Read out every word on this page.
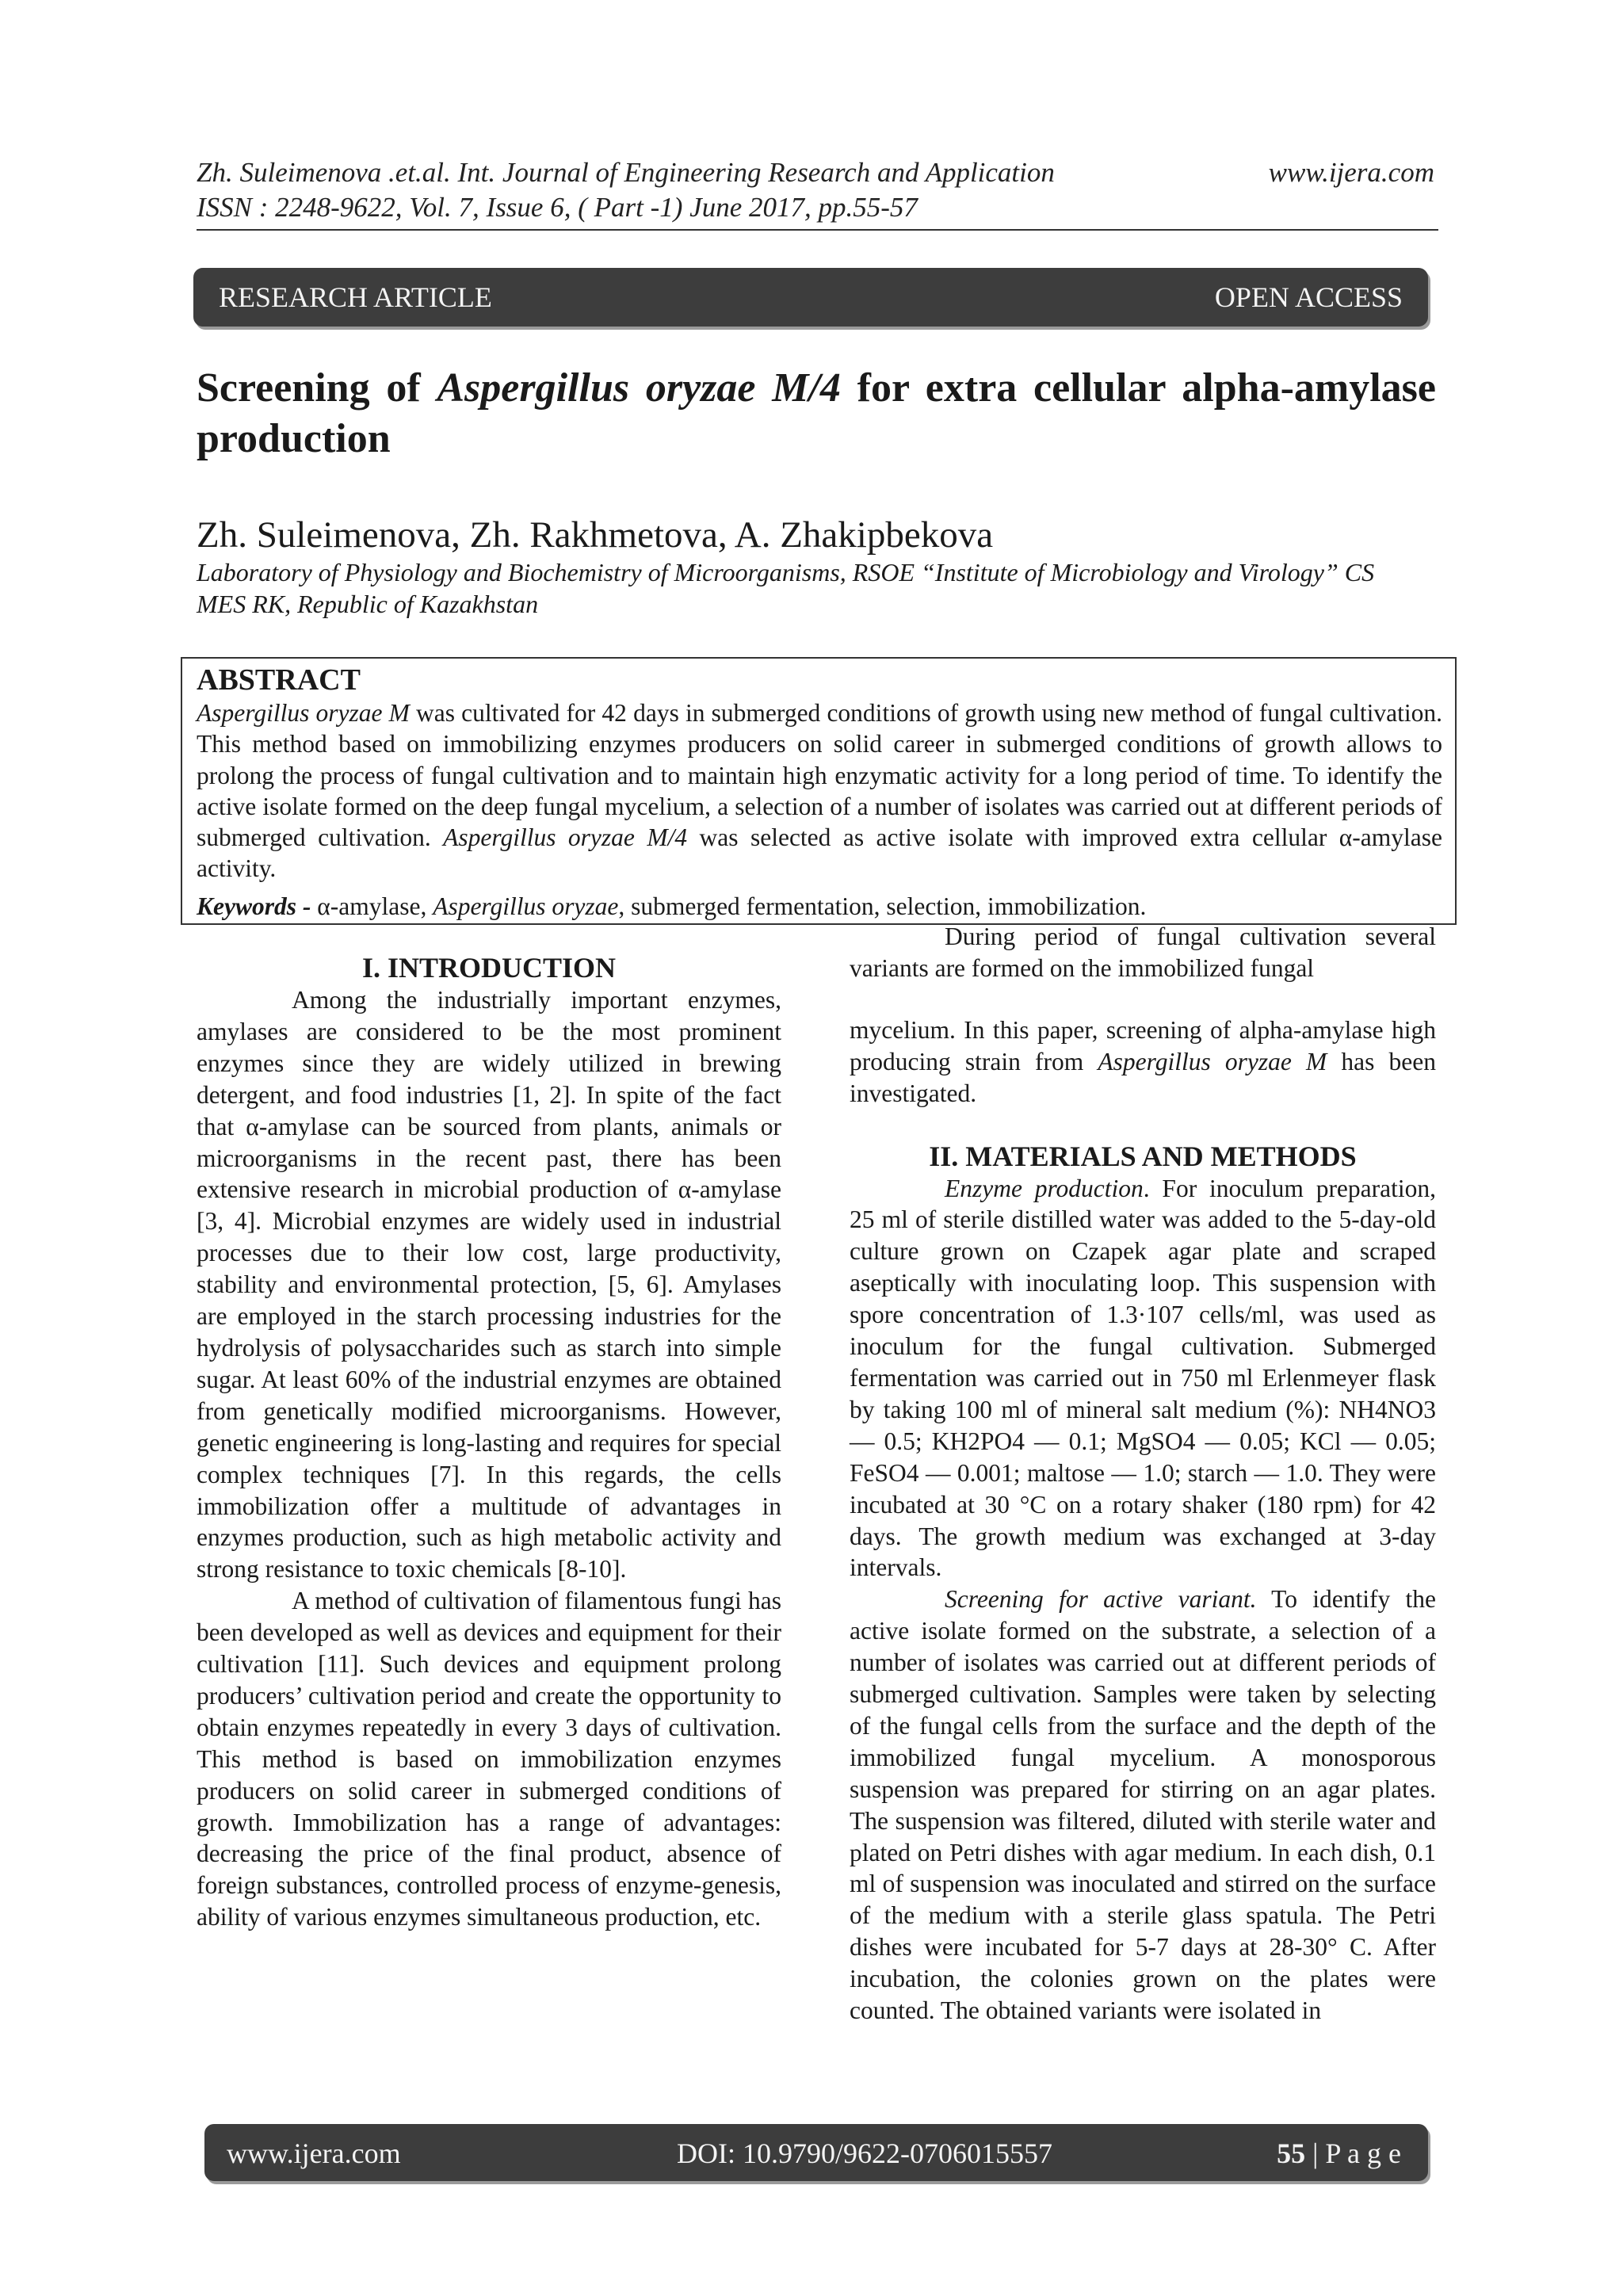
Zh. Suleimenova .et.al. Int. Journal of Engineering Research and Application	www.ijera.com
ISSN : 2248-9622, Vol. 7, Issue 6, ( Part -1) June 2017, pp.55-57
RESEARCH ARTICLE	OPEN ACCESS
Screening of Aspergillus oryzae M/4 for extra cellular alpha-amylase production
Zh. Suleimenova, Zh. Rakhmetova, A. Zhakipbekova
Laboratory of Physiology and Biochemistry of Microorganisms, RSOE “Institute of Microbiology and Virology” CS MES RK, Republic of Kazakhstan
ABSTRACT
Aspergillus oryzae M was cultivated for 42 days in submerged conditions of growth using new method of fungal cultivation. This method based on immobilizing enzymes producers on solid career in submerged conditions of growth allows to prolong the process of fungal cultivation and to maintain high enzymatic activity for a long period of time. To identify the active isolate formed on the deep fungal mycelium, a selection of a number of isolates was carried out at different periods of submerged cultivation. Aspergillus oryzae M/4 was selected as active isolate with improved extra cellular α-amylase activity.
Keywords - α-amylase, Aspergillus oryzae, submerged fermentation, selection, immobilization.
I. INTRODUCTION

Among the industrially important enzymes, amylases are considered to be the most prominent enzymes since they are widely utilized in brewing detergent, and food industries [1, 2]. In spite of the fact that α-amylase can be sourced from plants, animals or microorganisms in the recent past, there has been extensive research in microbial production of α-amylase [3, 4]. Microbial enzymes are widely used in industrial processes due to their low cost, large productivity, stability and environmental protection, [5, 6]. Amylases are employed in the starch processing industries for the hydrolysis of polysaccharides such as starch into simple sugar. At least 60% of the industrial enzymes are obtained from genetically modified microorganisms. However, genetic engineering is long-lasting and requires for special complex techniques [7]. In this regards, the cells immobilization offer a multitude of advantages in enzymes production, such as high metabolic activity and strong resistance to toxic chemicals [8-10].

A method of cultivation of filamentous fungi has been developed as well as devices and equipment for their cultivation [11]. Such devices and equipment prolong producers’ cultivation period and create the opportunity to obtain enzymes repeatedly in every 3 days of cultivation. This method is based on immobilization enzymes producers on solid career in submerged conditions of growth. Immobilization has a range of advantages: decreasing the price of the final product, absence of foreign substances, controlled process of enzyme-genesis, ability of various enzymes simultaneous production, etc.

During period of fungal cultivation several variants are formed on the immobilized fungal

mycelium. In this paper, screening of alpha-amylase high producing strain from Aspergillus oryzae M has been investigated.

II. MATERIALS AND METHODS

Enzyme production. For inoculum preparation, 25 ml of sterile distilled water was added to the 5-day-old culture grown on Czapek agar plate and scraped aseptically with inoculating loop. This suspension with spore concentration of 1.3·107 cells/ml, was used as inoculum for the fungal cultivation. Submerged fermentation was carried out in 750 ml Erlenmeyer flask by taking 100 ml of mineral salt medium (%): NH4NO3 — 0.5; KH2PO4 — 0.1; MgSO4 — 0.05; KCl — 0.05; FeSO4 — 0.001; maltose — 1.0; starch — 1.0. They were incubated at 30 °C on a rotary shaker (180 rpm) for 42 days. The growth medium was exchanged at 3-day intervals.

Screening for active variant. To identify the active isolate formed on the substrate, a selection of a number of isolates was carried out at different periods of submerged cultivation. Samples were taken by selecting of the fungal cells from the surface and the depth of the immobilized fungal mycelium. A monosporous suspension was prepared for stirring on an agar plates. The suspension was filtered, diluted with sterile water and plated on Petri dishes with agar medium. In each dish, 0.1 ml of suspension was inoculated and stirred on the surface of the medium with a sterile glass spatula. The Petri dishes were incubated for 5-7 days at 28-30° C. After incubation, the colonies grown on the plates were counted. The obtained variants were isolated in

www.ijera.com	DOI: 10.9790/9622-0706015557	55 | P a g e
